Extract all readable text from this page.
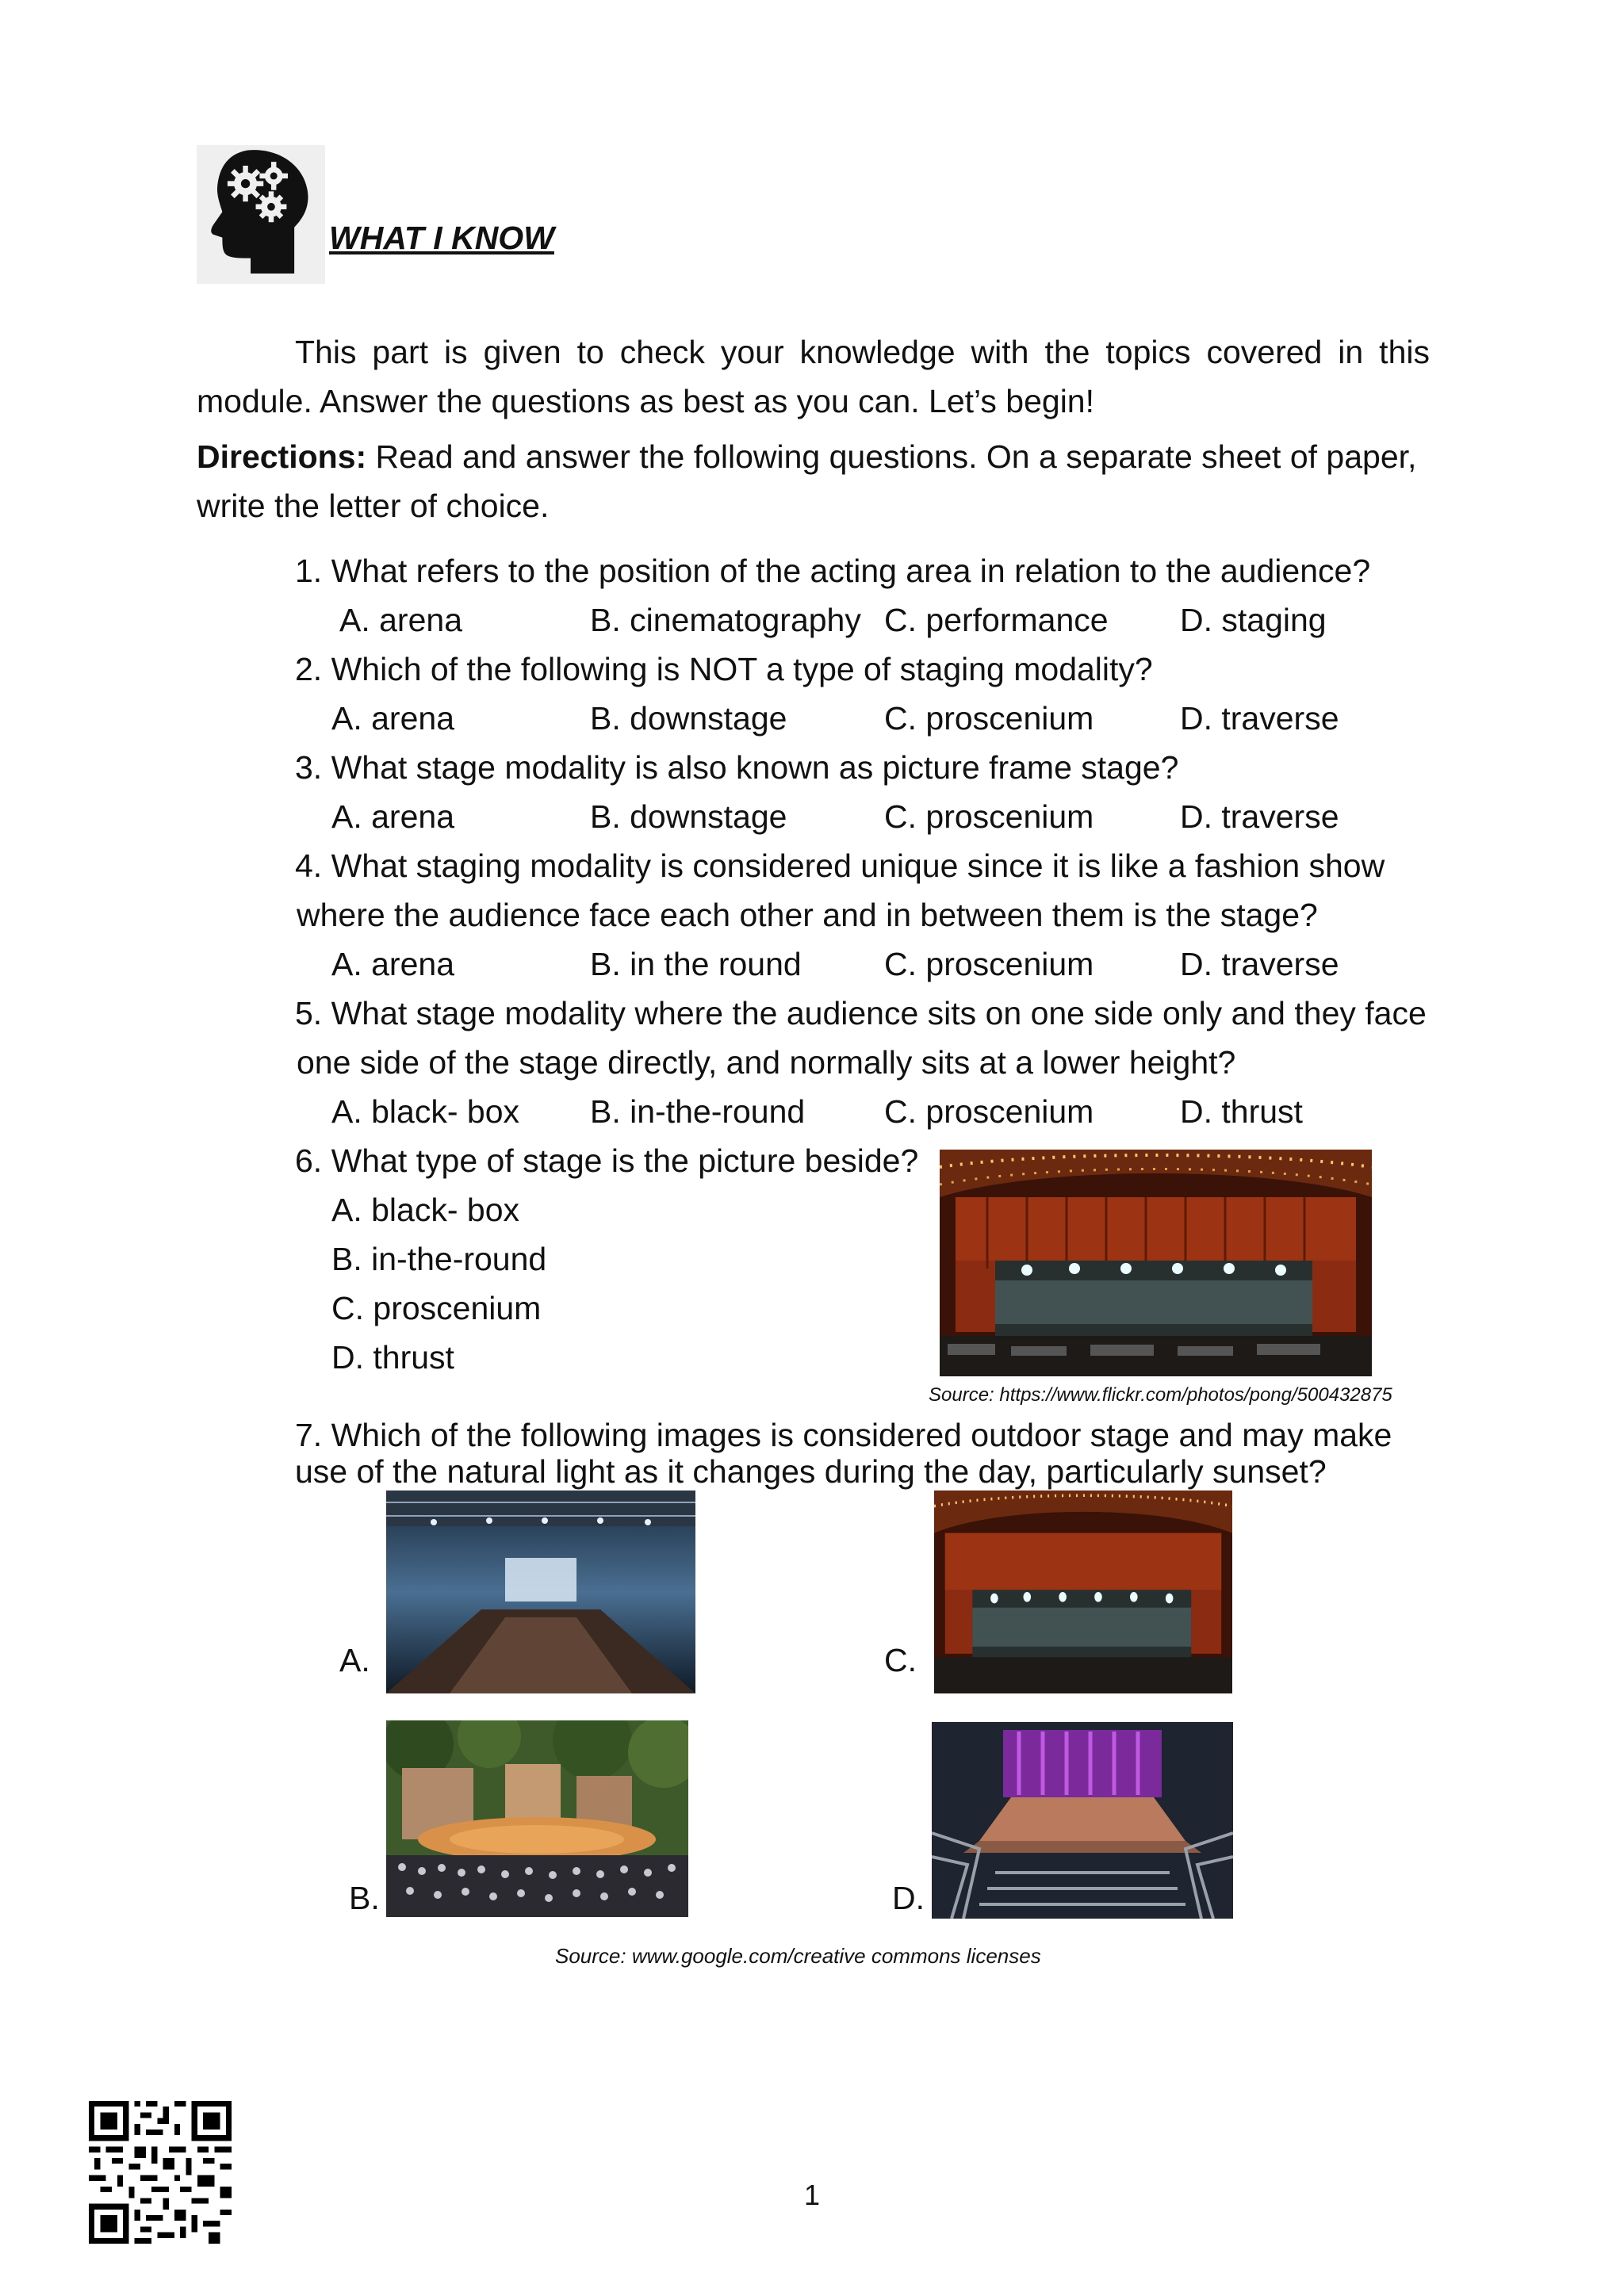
WHAT I KNOW
This part is given to check your knowledge with the topics covered in this module. Answer the questions as best as you can. Let’s begin!
Directions: Read and answer the following questions. On a separate sheet of paper, write the letter of choice.
1. What refers to the position of the acting area in relation to the audience?
A. arena	B. cinematography C. performance D. staging
2. Which of the following is NOT a type of staging modality?
A. arena	B. downstage	C. proscenium	D. traverse
3. What stage modality is also known as picture frame stage?
A. arena	B. downstage	C. proscenium	D. traverse
4. What staging modality is considered unique since it is like a fashion show
where the audience face each other and in between them is the stage?
A. arena	B. in the round	C. proscenium	D. traverse
5. What stage modality where the audience sits on one side only and they face
one side of the stage directly, and normally sits at a lower height?
A. black- box B. in-the-round C. proscenium	D. thrust
6. What type of stage is the picture beside?
A. black- box
B. in-the-round
C. proscenium
D. thrust
Source: https://www.flickr.com/photos/pong/500432875
7. Which of the following images is considered outdoor stage and may make
use of the natural light as it changes during the day, particularly sunset?
A.
B.
C.
D.
Source: www.google.com/creative commons licenses
1
